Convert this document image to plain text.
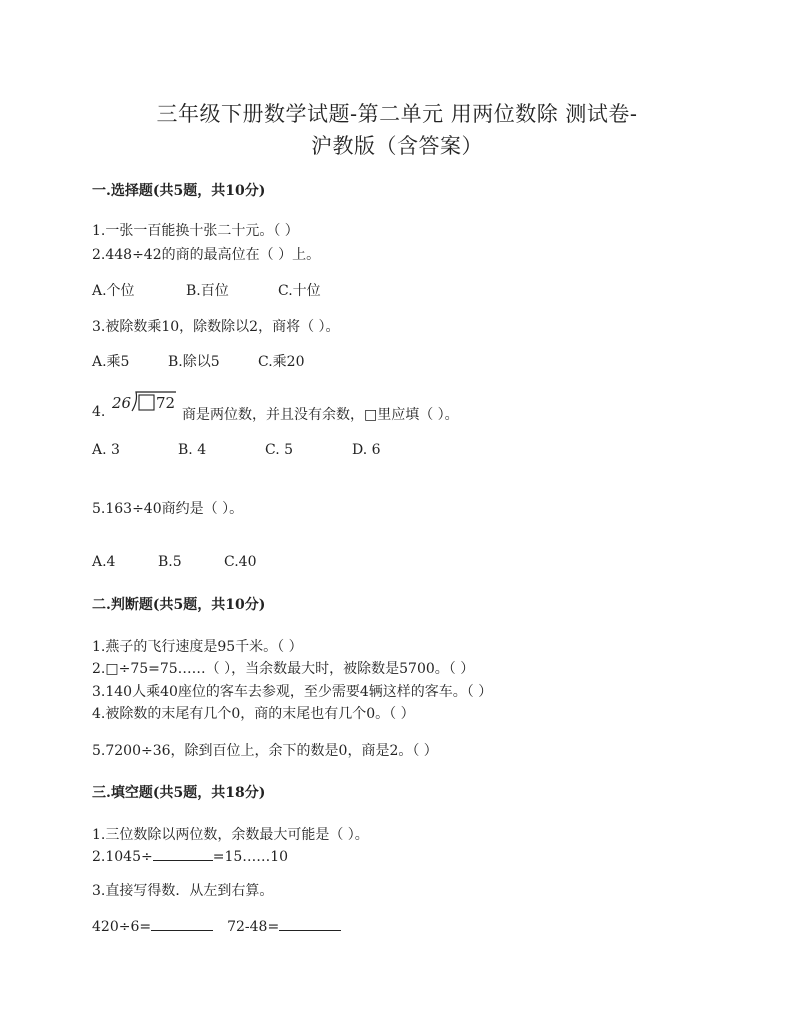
三年级下册数学试题-第二单元 用两位数除 测试卷-
沪教版（含答案）
一.选择题(共5题，共10分)
1.一张一百能换十张二十元。（ ）
2.448÷42的商的最高位在（ ）上。
A.个位	B.百位	C.十位
3.被除数乘10，除数除以2，商将（ ）。
A.乘5	B.除以5	C.乘20
4. 26 72
商是两位数，并且没有余数，□里应填（ ）。
A. 3	B. 4	C. 5	D. 6
5.163÷40商约是（ ）。
A.4	B.5	C.40
二.判断题(共5题，共10分)
1.燕子的飞行速度是95千米。（ ）
2.□÷75=75……（ ），当余数最大时，被除数是5700。（ ）
3.140人乘40座位的客车去参观，至少需要4辆这样的客车。（ ）
4.被除数的末尾有几个0，商的末尾也有几个0。（ ）
5.7200÷36，除到百位上，余下的数是0，商是2。（ ）
三.填空题(共5题，共18分)
1.三位数除以两位数，余数最大可能是（ ）。
2.1045÷	=15……10
3.直接写得数．从左到右算。
420÷6=	72-48=
